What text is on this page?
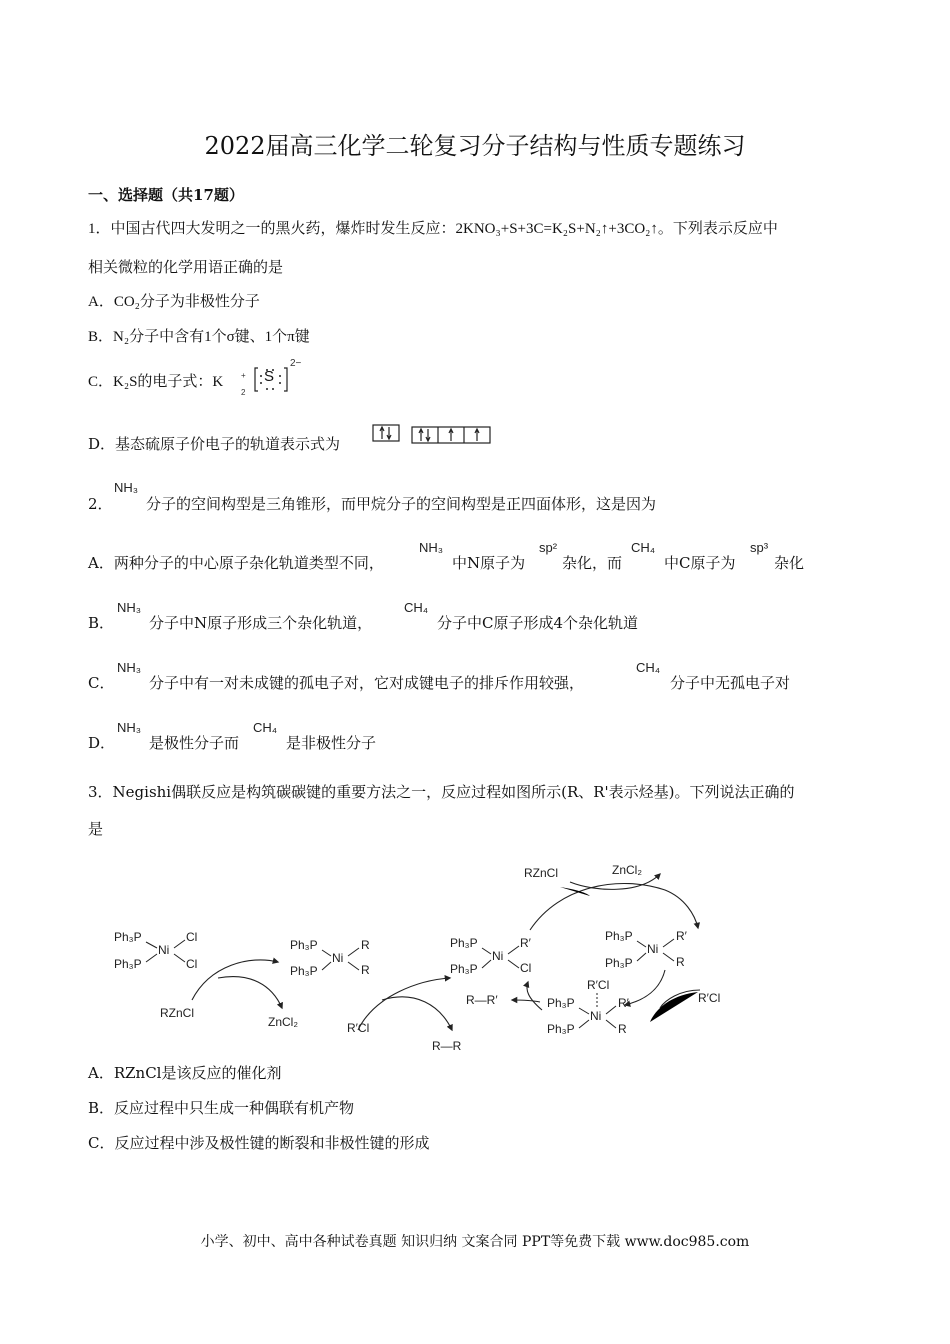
2022届高三化学二轮复习分子结构与性质专题练习
一、选择题（共17题）
1．中国古代四大发明之一的黑火药，爆炸时发生反应：2KNO₃+S+3C=K₂S+N₂↑+3CO₂↑。下列表示反应中
相关微粒的化学用语正确的是
A．CO₂分子为非极性分子
B．N₂分子中含有1个σ键、1个π键
C．K₂S的电子式：K
2
+ S
2−
D．基态硫原子价电子的轨道表示式为
2．
NH₃
分子的空间构型是三角锥形，而甲烷分子的空间构型是正四面体形，这是因为
A．两种分子的中心原子杂化轨道类型不同，
NH₃
中N原子为
sp²
杂化，而
CH₄
中C原子为
sp³
杂化
B．
NH₃
分子中N原子形成三个杂化轨道，
CH₄
分子中C原子形成4个杂化轨道
C．
NH₃
分子中有一对未成键的孤电子对，它对成键电子的排斥作用较强，
CH₄
分子中无孤电子对
D．
NH₃
是极性分子而
CH₄
是非极性分子
3．Negishi偶联反应是构筑碳碳键的重要方法之一，反应过程如图所示(R、R'表示烃基)。下列说法正确的
是
Ph₃P
Ph₃P
Ni
Cl
Cl
RZnCl
ZnCl₂
Ph₃P
Ph₃P
Ni
R
R
R′Cl
R—R
Ph₃P
Ph₃P
Ni
R′
Cl
RZnCl	ZnCl₂
Ph₃P
Ph₃P
Ni
R′
R
R′Cl
R′Cl
Ph₃P
Ph₃P
Ni
R′
R
R—R′
A．RZnCl是该反应的催化剂
B．反应过程中只生成一种偶联有机产物
C．反应过程中涉及极性键的断裂和非极性键的形成
小学、初中、高中各种试卷真题 知识归纳 文案合同 PPT等免费下载 www.doc985.com
